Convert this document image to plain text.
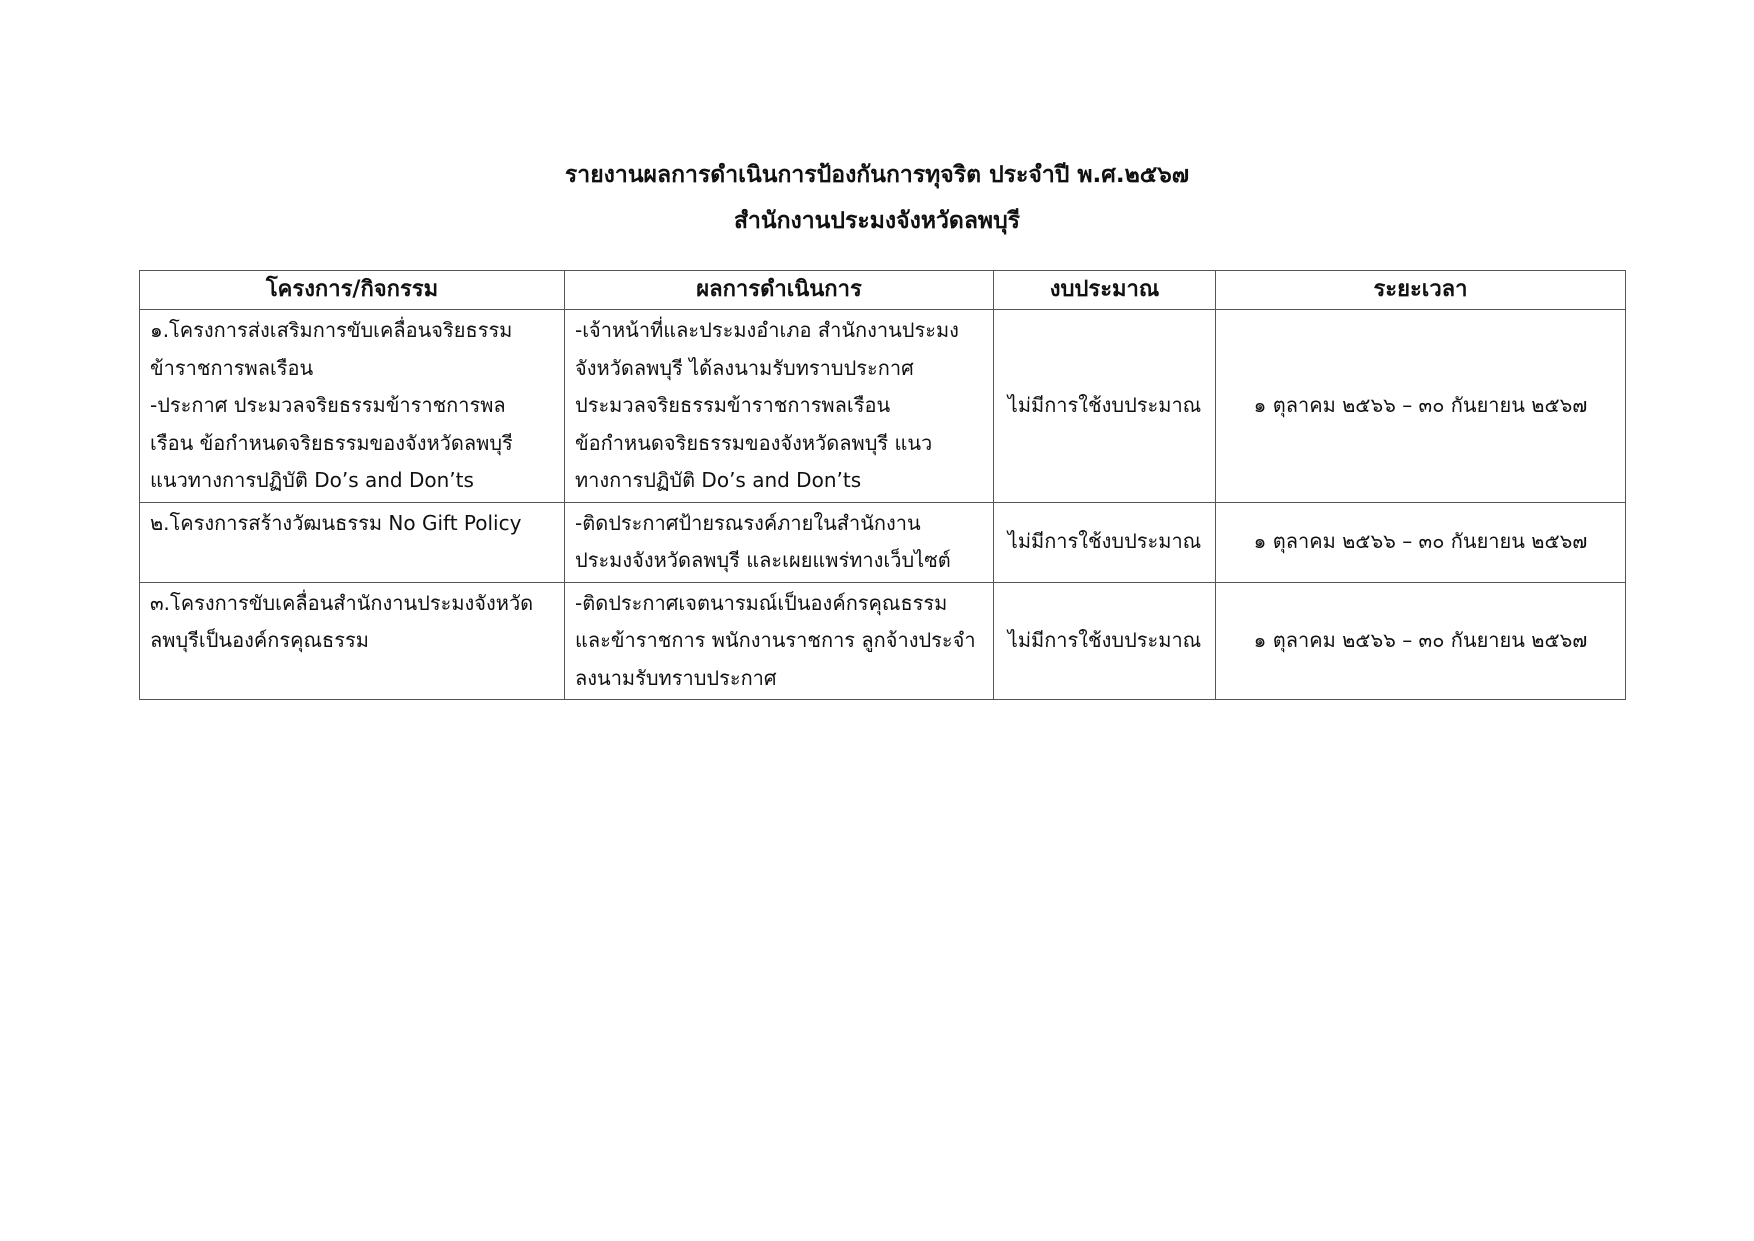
รายงานผลการดำเนินการป้องกันการทุจริต ประจำปี พ.ศ.๒๕๖๗
สำนักงานประมงจังหวัดลพบุรี
โครงการ/กิจกรรม	ผลการดำเนินการ	งบประมาณ	ระยะเวลา

๑.โครงการส่งเสริมการขับเคลื่อนจริยธรรม
ข้าราชการพลเรือน
-ประกาศ ประมวลจริยธรรมข้าราชการพล
เรือน ข้อกำหนดจริยธรรมของจังหวัดลพบุรี
แนวทางการปฏิบัติ Do’s and Don’ts	-เจ้าหน้าที่และประมงอำเภอ สำนักงานประมง
จังหวัดลพบุรี ได้ลงนามรับทราบประกาศ
ประมวลจริยธรรมข้าราชการพลเรือน
ข้อกำหนดจริยธรรมของจังหวัดลพบุรี แนว
ทางการปฏิบัติ Do’s and Don’ts	ไม่มีการใช้งบประมาณ	๑ ตุลาคม ๒๕๖๖ – ๓๐ กันยายน ๒๕๖๗

๒.โครงการสร้างวัฒนธรรม No Gift Policy	-ติดประกาศป้ายรณรงค์ภายในสำนักงาน
ประมงจังหวัดลพบุรี และเผยแพร่ทางเว็บไซต์	ไม่มีการใช้งบประมาณ	๑ ตุลาคม ๒๕๖๖ – ๓๐ กันยายน ๒๕๖๗

๓.โครงการขับเคลื่อนสำนักงานประมงจังหวัด
ลพบุรีเป็นองค์กรคุณธรรม	-ติดประกาศเจตนารมณ์เป็นองค์กรคุณธรรม
และข้าราชการ พนักงานราชการ ลูกจ้างประจำ
ลงนามรับทราบประกาศ	ไม่มีการใช้งบประมาณ	๑ ตุลาคม ๒๕๖๖ – ๓๐ กันยายน ๒๕๖๗
